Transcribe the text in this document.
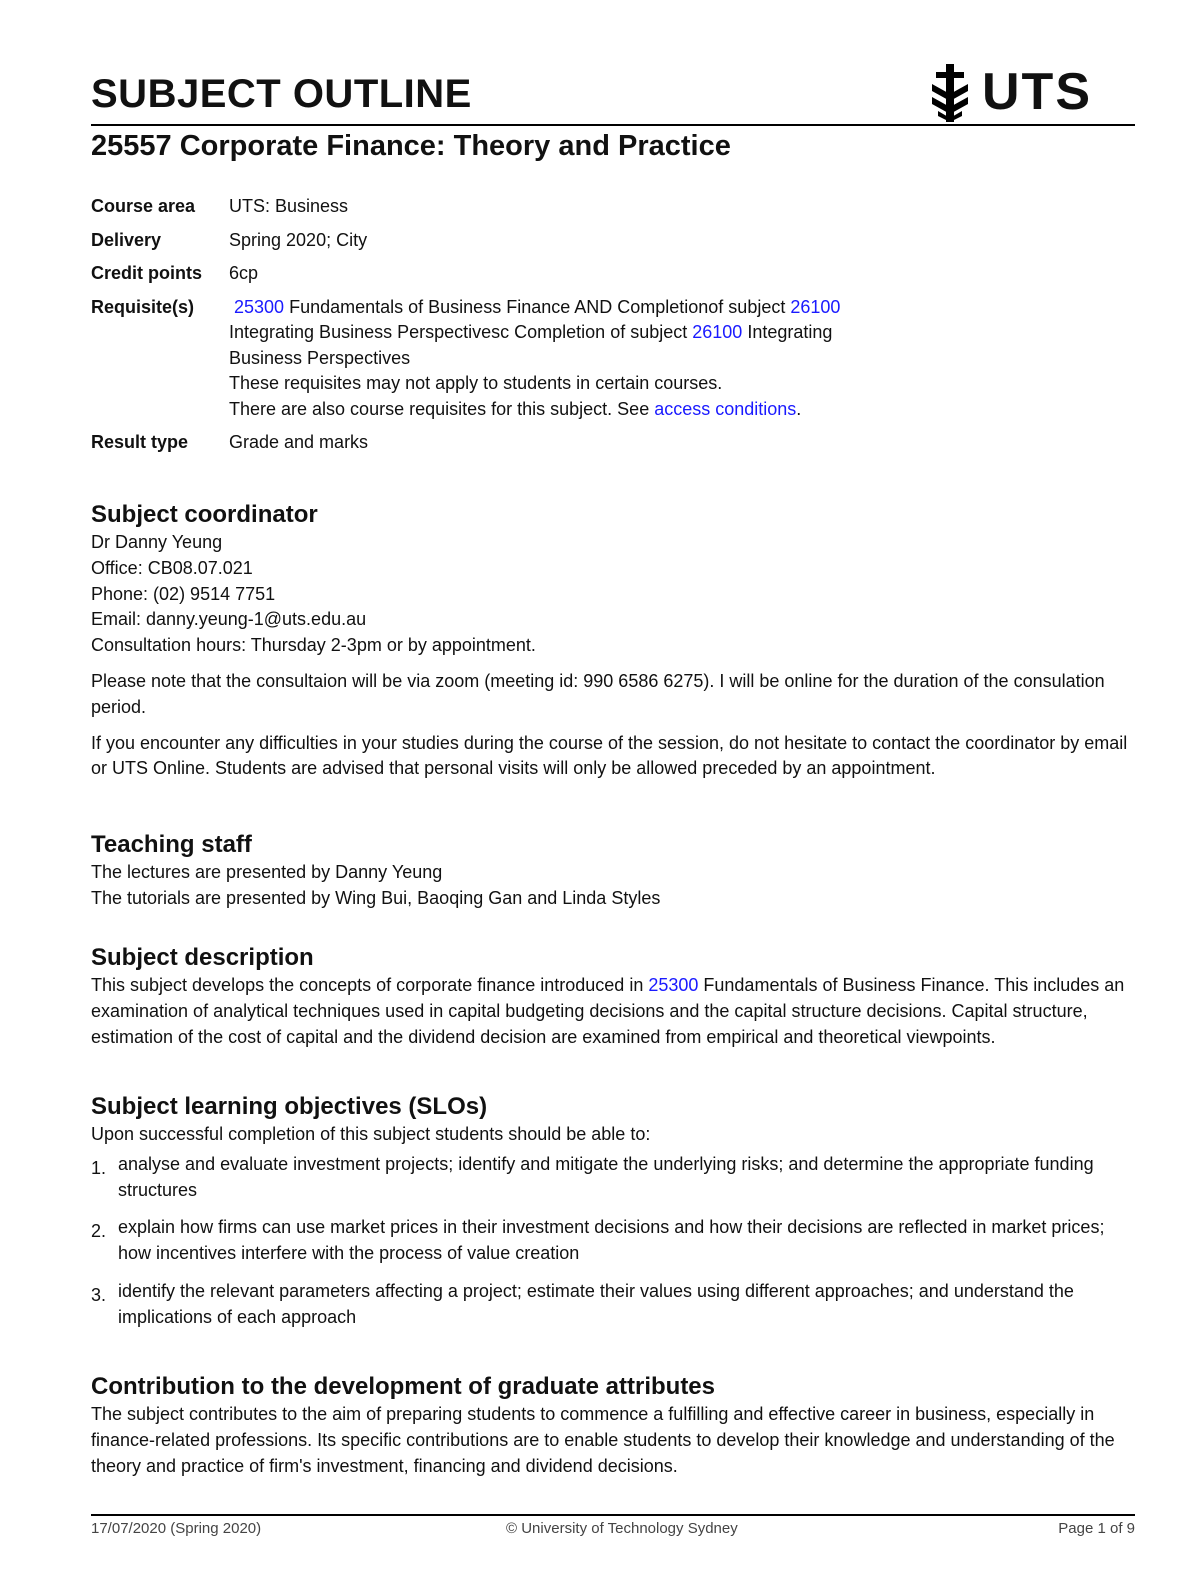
SUBJECT OUTLINE	UTS
25557 Corporate Finance: Theory and Practice
Course area	UTS: Business
Delivery	Spring 2020; City
Credit points	6cp
Requisite(s)	25300 Fundamentals of Business Finance AND Completionof subject 26100
Integrating Business Perspectivesc Completion of subject 26100 Integrating
Business Perspectives
These requisites may not apply to students in certain courses.
There are also course requisites for this subject. See access conditions.
Result type	Grade and marks
Subject coordinator

Dr Danny Yeung

Office: CB08.07.021

Phone: (02) 9514 7751

Email: danny.yeung-1@uts.edu.au

Consultation hours: Thursday 2-3pm or by appointment.

Please note that the consultaion will be via zoom (meeting id: 990 6586 6275). I will be online for the duration of the consulation period.

If you encounter any difficulties in your studies during the course of the session, do not hesitate to contact the coordinator by email or UTS Online. Students are advised that personal visits will only be allowed preceded by an appointment.

Teaching staff

The lectures are presented by Danny Yeung

The tutorials are presented by Wing Bui, Baoqing Gan and Linda Styles

Subject description

This subject develops the concepts of corporate finance introduced in 25300 Fundamentals of Business Finance. This includes an examination of analytical techniques used in capital budgeting decisions and the capital structure decisions. Capital structure, estimation of the cost of capital and the dividend decision are examined from empirical and theoretical viewpoints.

Subject learning objectives (SLOs)

Upon successful completion of this subject students should be able to:

1. analyse and evaluate investment projects; identify and mitigate the underlying risks; and determine the appropriate funding structures
2. explain how firms can use market prices in their investment decisions and how their decisions are reflected in market prices; how incentives interfere with the process of value creation
3. identify the relevant parameters affecting a project; estimate their values using different approaches; and understand the implications of each approach
Contribution to the development of graduate attributes

The subject contributes to the aim of preparing students to commence a fulfilling and effective career in business, especially in finance-related professions. Its specific contributions are to enable students to develop their knowledge and understanding of the theory and practice of firm's investment, financing and dividend decisions.

17/07/2020 (Spring 2020)	© University of Technology Sydney	Page 1 of 9
